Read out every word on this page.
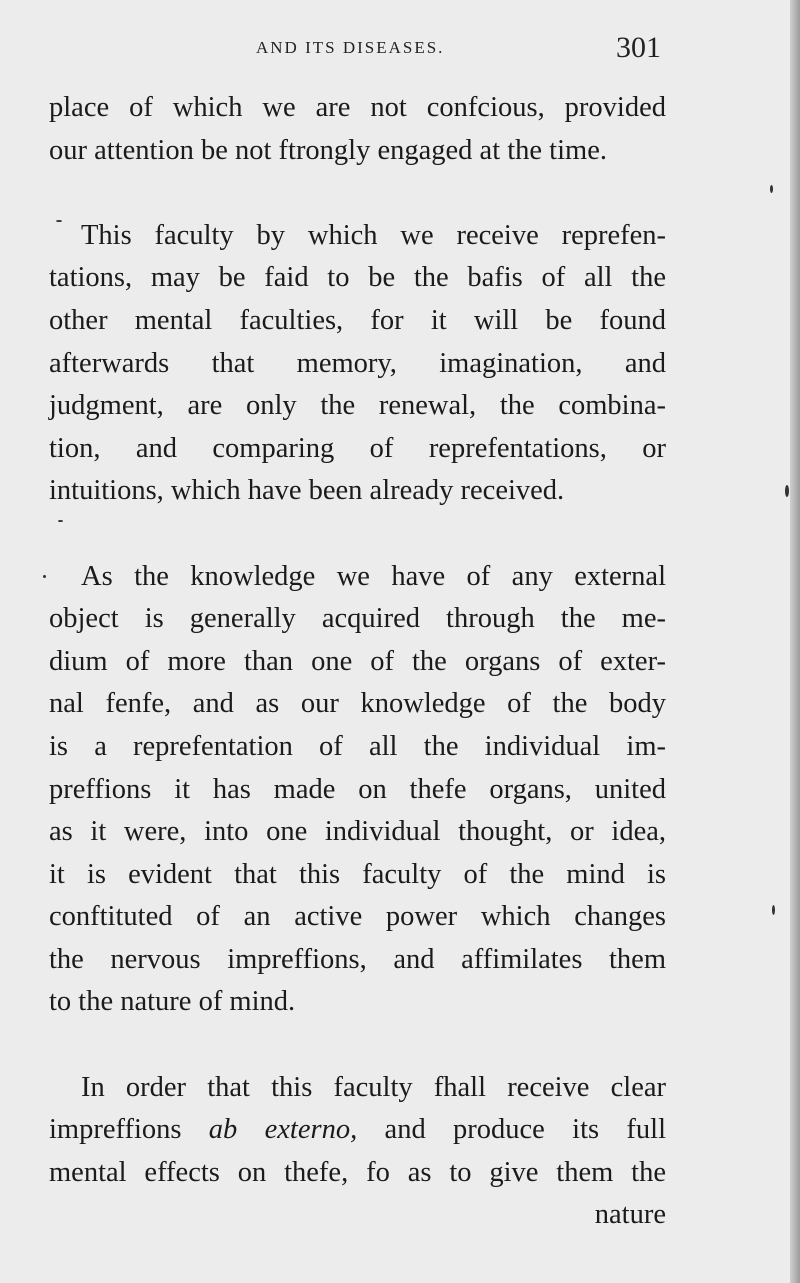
AND ITS DISEASES.	301
place of which we are not confcious, provided
our attention be not ftrongly engaged at the time.
This faculty by which we receive reprefen-
tations, may be faid to be the bafis of all the
other mental faculties, for it will be found
afterwards that memory, imagination, and
judgment, are only the renewal, the combina-
tion, and comparing of reprefentations, or
intuitions, which have been already received.
As the knowledge we have of any external
object is generally acquired through the me-
dium of more than one of the organs of exter-
nal fenfe, and as our knowledge of the body
is a reprefentation of all the individual im-
preffions it has made on thefe organs, united
as it were, into one individual thought, or idea,
it is evident that this faculty of the mind is
conftituted of an active power which changes
the nervous impreffions, and affimilates them
to the nature of mind.
In order that this faculty fhall receive clear
impreffions ab externo, and produce its full
mental effects on thefe, fo as to give them the
nature
